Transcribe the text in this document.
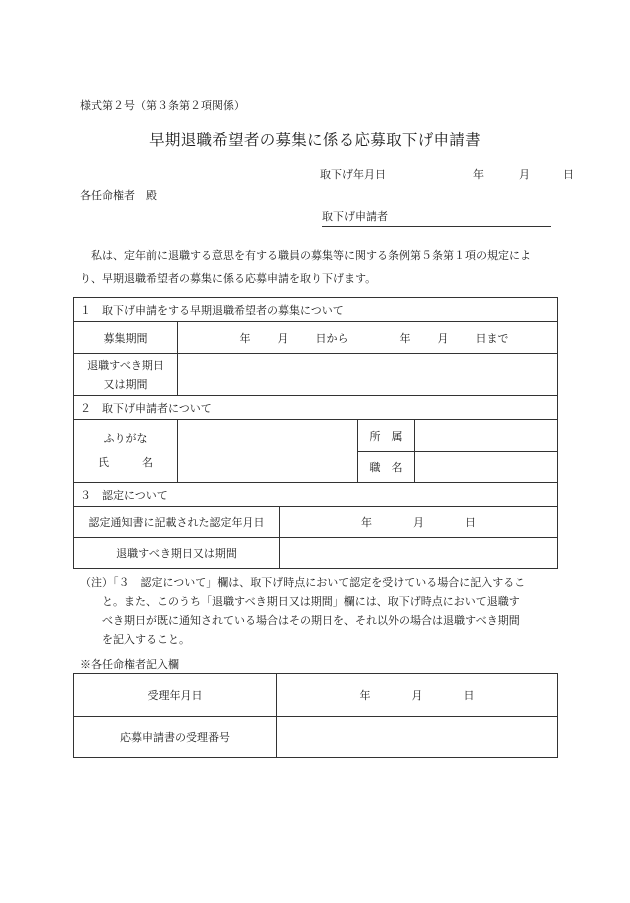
様式第２号（第３条第２項関係）
早期退職希望者の募集に係る応募取下げ申請書
取下げ年月日	年	月	日
各任命権者　殿
取下げ申請者
私は、定年前に退職する意思を有する職員の募集等に関する条例第５条第１項の規定により、早期退職希望者の募集に係る応募申請を取り下げます。
１　取下げ申請をする早期退職希望者の募集について				
募集期間	年 月 日から 年 月 日まで			
退職すべき期日
又は期間				
２　取下げ申請者について				
ふりがな
氏　　　名			所　属	
			職　名	
３　認定について				
認定通知書に記載された認定年月日		年 月 日		
退職すべき期日又は期間				
（注）「３　認定について」欄は、取下げ時点において認定を受けている場合に記入するこ
と。また、このうち「退職すべき期日又は期間」欄には、取下げ時点において退職す
べき期日が既に通知されている場合はその期日を、それ以外の場合は退職すべき期間
を記入すること。
※各任命権者記入欄
受理年月日	年 月 日
応募申請書の受理番号	
